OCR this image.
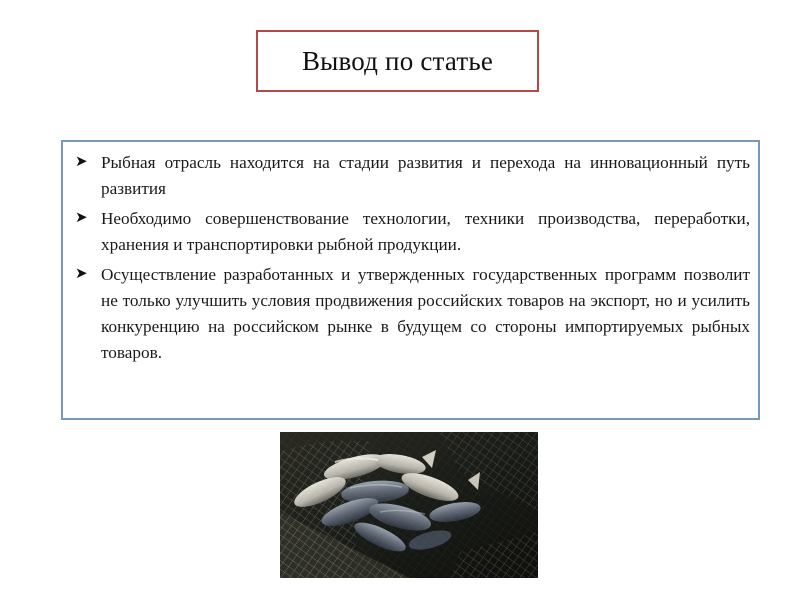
Вывод по статье
➤ Рыбная отрасль находится на стадии развития и перехода на инновационный путь развития
➤ Необходимо совершенствование технологии, техники производства, переработки, хранения и транспортировки рыбной продукции.
➤ Осуществление разработанных и утвержденных государственных программ позволит не только улучшить условия продвижения российских товаров на экспорт, но и усилить конкуренцию на российском рынке в будущем со стороны импортируемых рыбных товаров.
